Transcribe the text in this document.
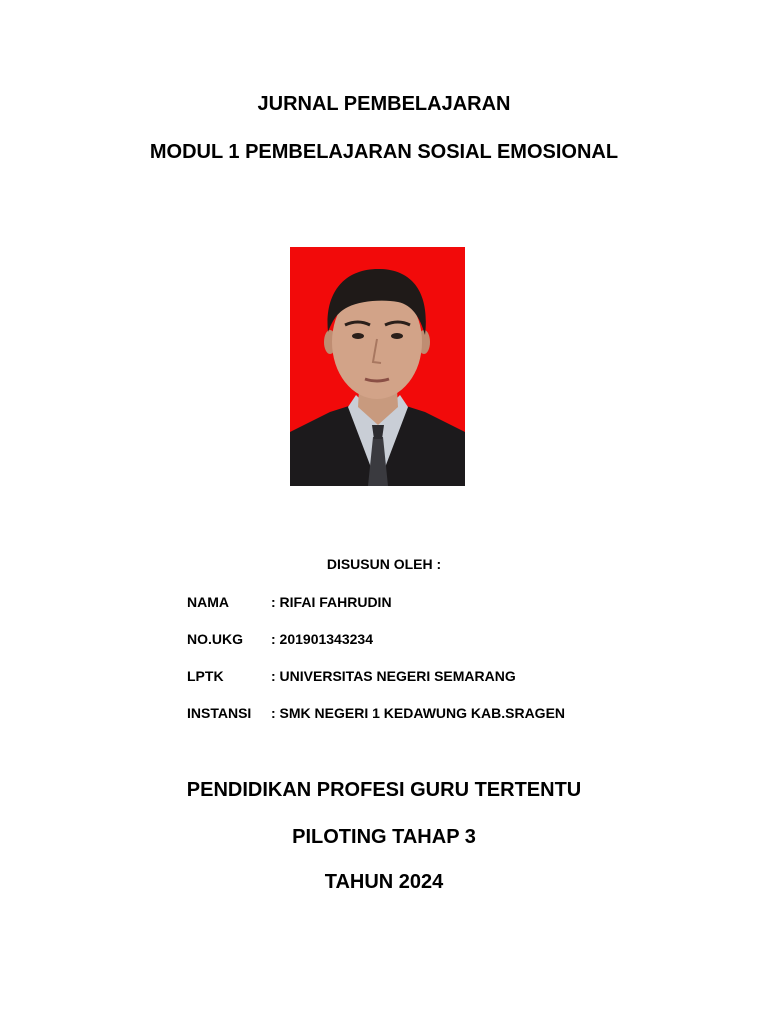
JURNAL PEMBELAJARAN
MODUL 1 PEMBELAJARAN SOSIAL EMOSIONAL
DISUSUN OLEH :
NAMA	: RIFAI FAHRUDIN
NO.UKG : 201901343234
LPTK	: UNIVERSITAS NEGERI SEMARANG
INSTANSI : SMK NEGERI 1 KEDAWUNG KAB.SRAGEN
PENDIDIKAN PROFESI GURU TERTENTU
PILOTING TAHAP 3
TAHUN 2024
